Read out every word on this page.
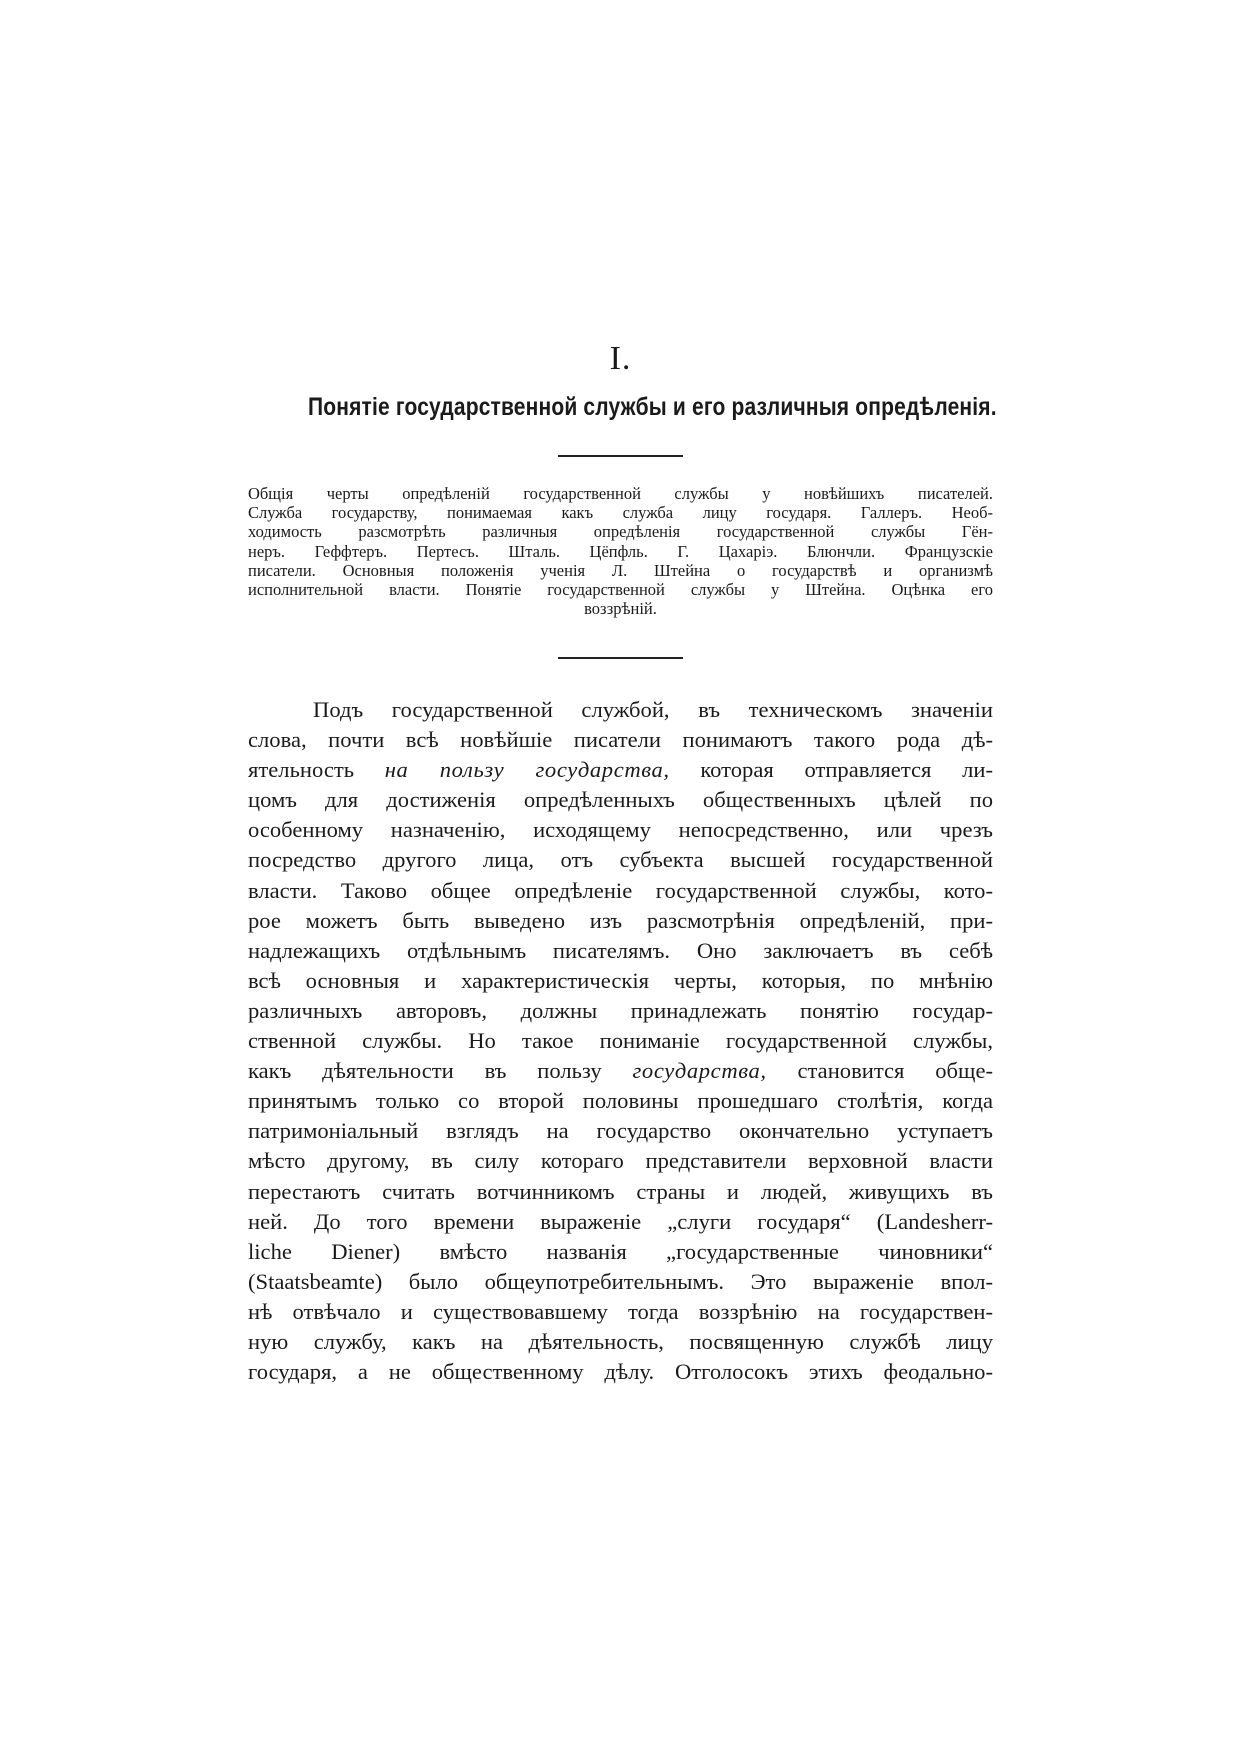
I.
Понятіе государственной службы и его различныя опредѣленія.
Общія черты опредѣленій государственной службы у новѣйшихъ писателей.
Служба государству, понимаемая какъ служба лицу государя. Галлеръ. Необ-
ходимость разсмотрѣть различныя опредѣленія государственной службы Гён-
неръ. Геффтеръ. Пертесъ. Шталь. Цёпфль. Г. Цахаріэ. Блюнчли. Французскіе
писатели. Основныя положенія ученія Л. Штейна о государствѣ и организмѣ
исполнительной власти. Понятіе государственной службы у Штейна. Оцѣнка его
воззрѣній.
Подъ государственной службой, въ техническомъ значеніи
слова, почти всѣ новѣйшіе писатели понимаютъ такого рода дѣ-
ятельность на пользу государства, которая отправляется ли-
цомъ для достиженія опредѣленныхъ общественныхъ цѣлей по
особенному назначенію, исходящему непосредственно, или чрезъ
посредство другого лица, отъ субъекта высшей государственной
власти. Таково общее опредѣленіе государственной службы, кото-
рое можетъ быть выведено изъ разсмотрѣнія опредѣленій, при-
надлежащихъ отдѣльнымъ писателямъ. Оно заключаетъ въ себѣ
всѣ основныя и характеристическія черты, которыя, по мнѣнію
различныхъ авторовъ, должны принадлежать понятію государ-
ственной службы. Но такое пониманіе государственной службы,
какъ дѣятельности въ пользу государства, становится обще-
принятымъ только со второй половины прошедшаго столѣтія, когда
патримоніальный взглядъ на государство окончательно уступаетъ
мѣсто другому, въ силу котораго представители верховной власти
перестаютъ считать вотчинникомъ страны и людей, живущихъ въ
ней. До того времени выраженіе „слуги государя“ (Landesherr-
liche Diener) вмѣсто названія „государственные чиновники“
(Staatsbeamte) было общеупотребительнымъ. Это выраженіе впол-
нѣ отвѣчало и существовавшему тогда воззрѣнію на государствен-
ную службу, какъ на дѣятельность, посвященную службѣ лицу
государя, а не общественному дѣлу. Отголосокъ этихъ феодально-
